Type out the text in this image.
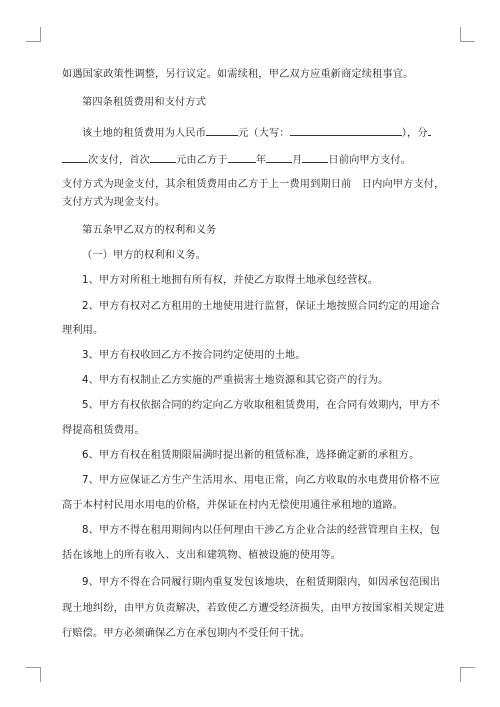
如遇国家政策性调整，另行议定。如需续租，甲乙双方应重新商定续租事宜。
第四条租赁费用和支付方式
该土地的租赁费用为人民币	元（大写：	），分
次支付，首次	元由乙方于	年	月	日前向甲方支付。
支付方式为现金支付，其余租赁费用由乙方于上一费用到期日前　日内向甲方支付，
支付方式为现金支付。
第五条甲乙双方的权利和义务
（一）甲方的权利和义务。
1、甲方对所租土地拥有所有权，并使乙方取得土地承包经营权。
2、甲方有权对乙方租用的土地使用进行监督，保证土地按照合同约定的用途合
理利用。
3、甲方有权收回乙方不按合同约定使用的土地。
4、甲方有权制止乙方实施的严重损害土地资源和其它资产的行为。
5、甲方有权依据合同的约定向乙方收取租租赁费用，在合同有效期内，甲方不
得提高租赁费用。
6、甲方有权在租赁期限届满时提出新的租赁标准，选择确定新的承租方。
7、甲方应保证乙方生产生活用水、用电正常，向乙方收取的水电费用价格不应
高于本村村民用水用电的价格，并保证在村内无偿使用通往承租地的道路。
8、甲方不得在租用期间内以任何理由干涉乙方企业合法的经营管理自主权，包
括在该地上的所有收入、支出和建筑物、植被设施的使用等。
9、甲方不得在合同履行期内重复发包该地块，在租赁期限内，如因承包范围出
现土地纠纷，由甲方负责解决，若致使乙方遭受经济损失，由甲方按国家相关规定进
行赔偿。甲方必须确保乙方在承包期内不受任何干扰。
